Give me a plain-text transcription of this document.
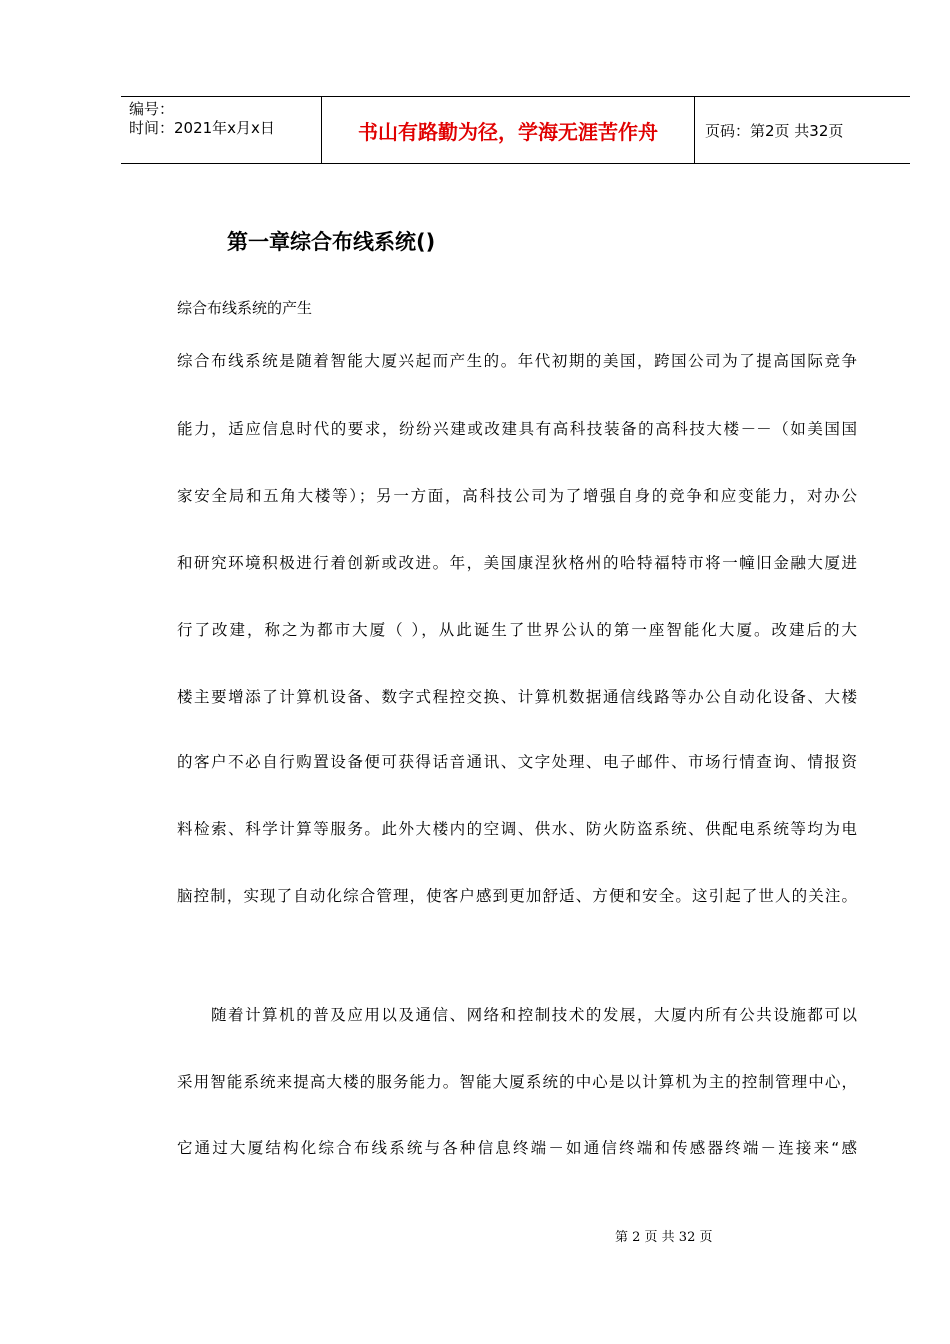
编号：
时间：2021年x月x日	书山有路勤为径，学海无涯苦作舟	页码：第2页 共32页
第一章综合布线系统()
综合布线系统的产生
综合布线系统是随着智能大厦兴起而产生的。年代初期的美国，跨国公司为了提高国际竞争
能力，适应信息时代的要求，纷纷兴建或改建具有高科技装备的高科技大楼－－（如美国国
家安全局和五角大楼等）；另一方面，高科技公司为了增强自身的竞争和应变能力，对办公
和研究环境积极进行着创新或改进。年，美国康涅狄格州的哈特福特市将一幢旧金融大厦进
行了改建，称之为都市大厦（ ），从此诞生了世界公认的第一座智能化大厦。改建后的大
楼主要增添了计算机设备、数字式程控交换、计算机数据通信线路等办公自动化设备、大楼
的客户不必自行购置设备便可获得话音通讯、文字处理、电子邮件、市场行情查询、情报资
料检索、科学计算等服务。此外大楼内的空调、供水、防火防盗系统、供配电系统等均为电
脑控制，实现了自动化综合管理，使客户感到更加舒适、方便和安全。这引起了世人的关注。
随着计算机的普及应用以及通信、网络和控制技术的发展，大厦内所有公共设施都可以
采用智能系统来提高大楼的服务能力。智能大厦系统的中心是以计算机为主的控制管理中心，
它通过大厦结构化综合布线系统与各种信息终端－如通信终端和传感器终端－连接来“感
第 2 页 共 32 页
